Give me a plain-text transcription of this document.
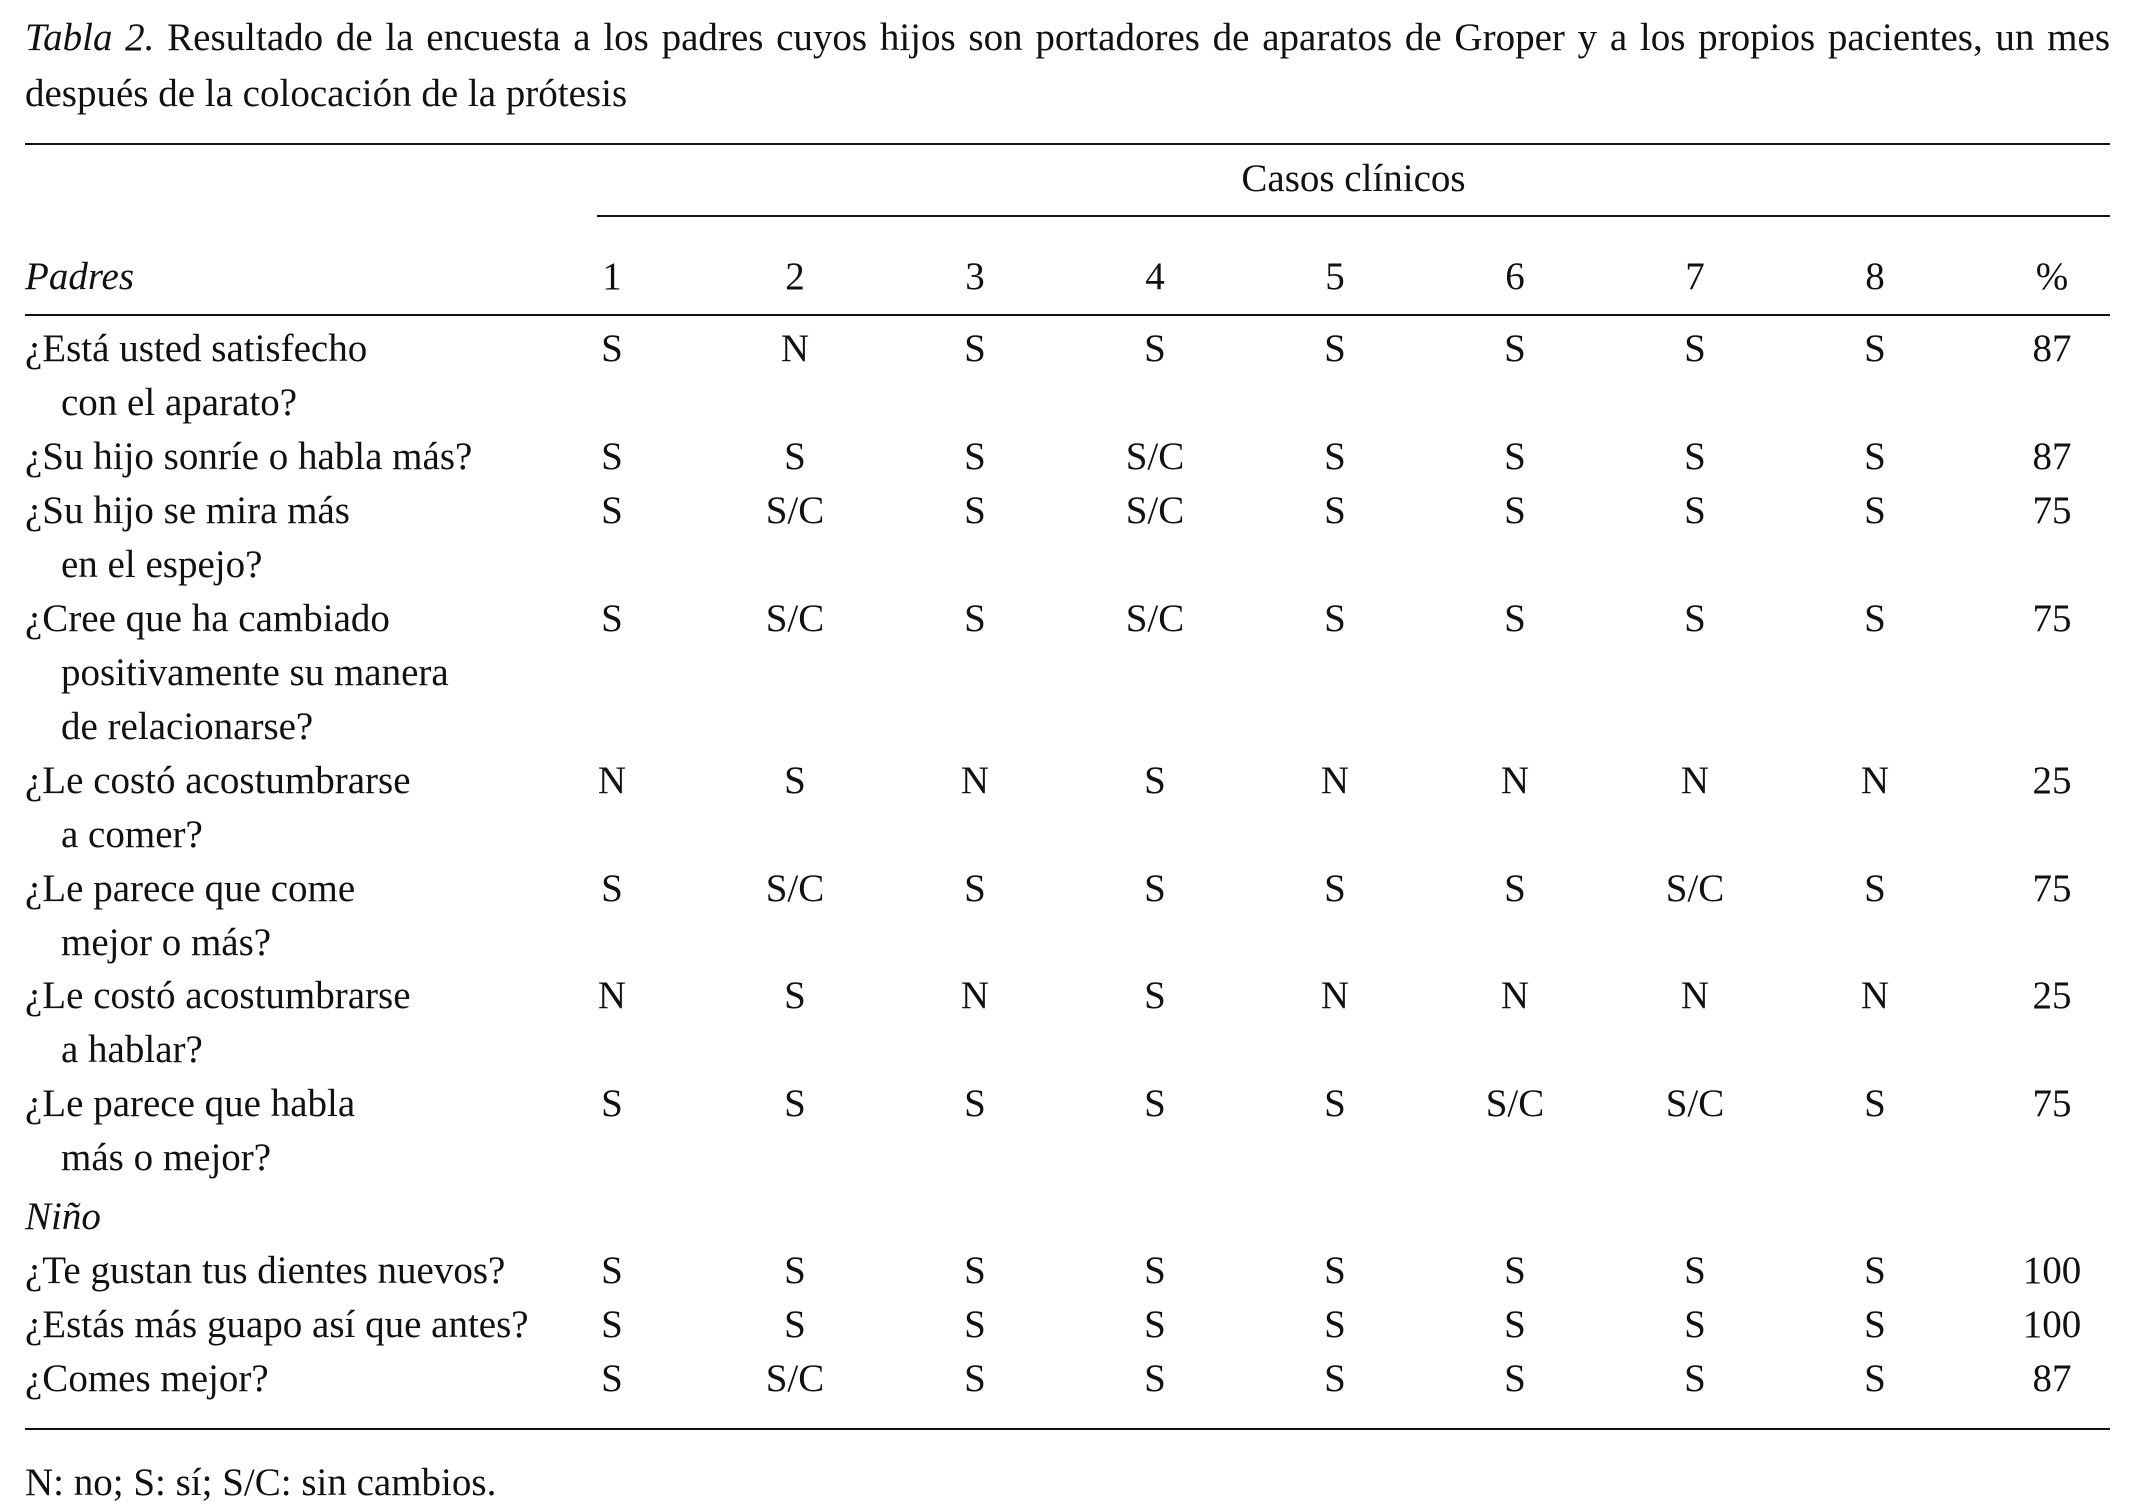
Tabla 2. Resultado de la encuesta a los padres cuyos hijos son portadores de aparatos de Groper y a los propios pacientes, un mes después de la colocación de la prótesis
Casos clínicos
Padres	1	2	3	4	5	6	7	8	%
¿Está usted satisfecho
con el aparato?
S	N	S	S	S	S	S	S	87
¿Su hijo sonríe o habla más?	S	S	S	S/C	S	S	S	S	87
¿Su hijo se mira más
en el espejo?
S	S/C	S	S/C	S	S	S	S	75
¿Cree que ha cambiado
positivamente su manera
de relacionarse?
S	S/C	S	S/C	S	S	S	S	75
¿Le costó acostumbrarse
a comer?
N	S	N	S	N	N	N	N	25
¿Le parece que come
mejor o más?
S	S/C	S	S	S	S	S/C	S	75
¿Le costó acostumbrarse
a hablar?
N	S	N	S	N	N	N	N	25
¿Le parece que habla
más o mejor?
S	S	S	S	S	S/C	S/C	S	75
Niño
¿Te gustan tus dientes nuevos?	S	S	S	S	S	S	S	S	100
¿Estás más guapo así que antes?	S	S	S	S	S	S	S	S	100
¿Comes mejor?	S	S/C	S	S	S	S	S	S	87
N: no; S: sí; S/C: sin cambios.
